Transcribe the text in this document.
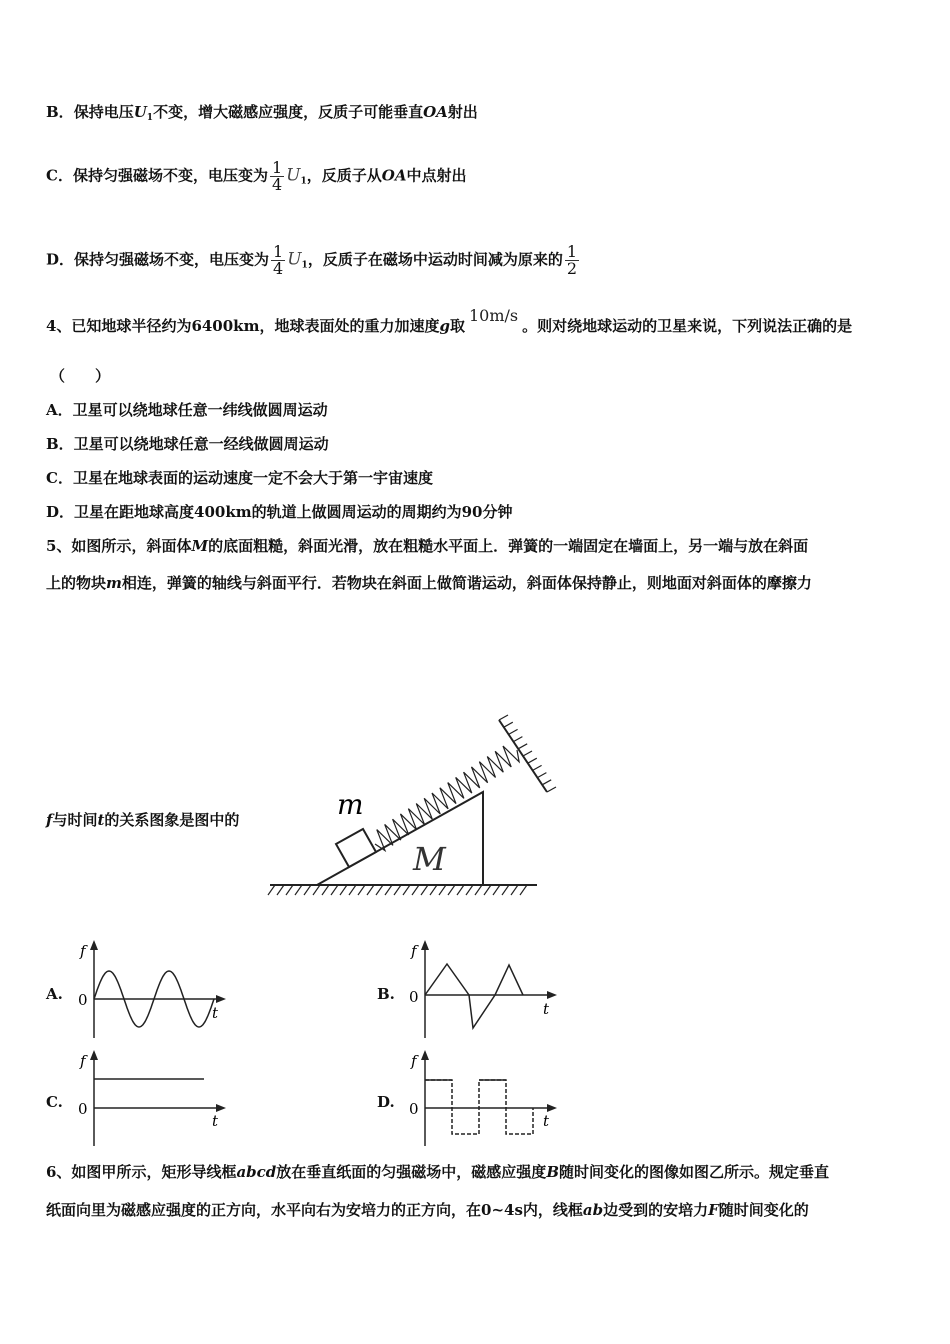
B．保持电压$U_1$不变，增大磁感应强度，反质子可能垂直OA射出
C．保持匀强磁场不变，电压变为 $\frac{1}{4} U_1$，反质子从OA中点射出
D．保持匀强磁场不变，电压变为 $\frac{1}{4} U_1$，反质子在磁场中运动时间减为原来的 $\frac{1}{2}$
4、已知地球半径约为6400km，地球表面处的重力加速度g取10m/s。则对绕地球运动的卫星来说，下列说法正确的是
（　　）
A．卫星可以绕地球任意一纬线做圆周运动
B．卫星可以绕地球任意一经线做圆周运动
C．卫星在地球表面的运动速度一定不会大于第一宇宙速度
D．卫星在距地球高度400km的轨道上做圆周运动的周期约为90分钟
5、如图所示，斜面体M的底面粗糙，斜面光滑，放在粗糙水平面上．弹簧的一端固定在墙面上，另一端与放在斜面
上的物块m相连，弹簧的轴线与斜面平行．若物块在斜面上做简谐运动，斜面体保持静止，则地面对斜面体的摩擦力
f与时间t的关系图象是图中的	m
M
A.
f
t
0	B.
f
t
0
C.
f
t
0	D.
f
t
0
6、如图甲所示，矩形导线框abcd放在垂直纸面的匀强磁场中，磁感应强度B随时间变化的图像如图乙所示。规定垂直
纸面向里为磁感应强度的正方向，水平向右为安培力的正方向，在0~4s内，线框ab边受到的安培力F随时间变化的
